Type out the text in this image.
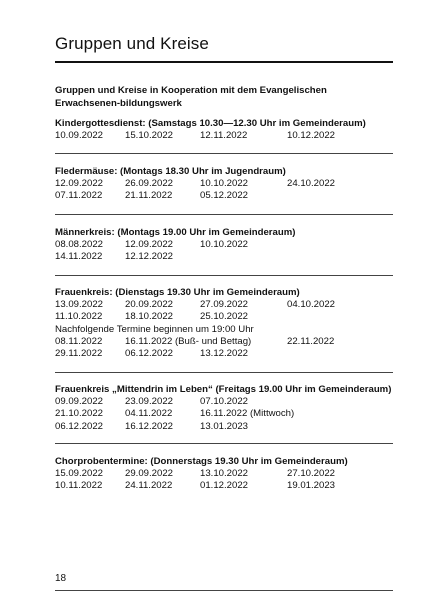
Gruppen und Kreise
Gruppen und Kreise in Kooperation mit dem Evangelischen Erwachsenen-bildungswerk
Kindergottesdienst: (Samstags 10.30—12.30 Uhr im Gemeinderaum)
10.09.2022 15.10.2022	12.11.2022	10.12.2022
Fledermäuse: (Montags 18.30 Uhr im Jugendraum)
12.09.2022 26.09.2022	10.10.2022	24.10.2022
07.11.2022 21.11.2022	05.12.2022
Männerkreis: (Montags 19.00 Uhr im Gemeinderaum)
08.08.2022 12.09.2022	10.10.2022
14.11.2022 12.12.2022
Frauenkreis: (Dienstags 19.30 Uhr im Gemeinderaum)
13.09.2022 20.09.2022	27.09.2022	04.10.2022
11.10.2022 18.10.2022	25.10.2022
Nachfolgende Termine beginnen um 19:00 Uhr
08.11.2022 16.11.2022 (Buß- und Bettag)	22.11.2022
29.11.2022 06.12.2022	13.12.2022
Frauenkreis „Mittendrin im Leben“ (Freitags 19.00 Uhr im Gemeinderaum)
09.09.2022 23.09.2022	07.10.2022
21.10.2022 04.11.2022	16.11.2022 (Mittwoch)
06.12.2022 16.12.2022	13.01.2023
Chorprobentermine: (Donnerstags 19.30 Uhr im Gemeinderaum)
15.09.2022 29.09.2022	13.10.2022	27.10.2022
10.11.2022 24.11.2022	01.12.2022	19.01.2023
18
